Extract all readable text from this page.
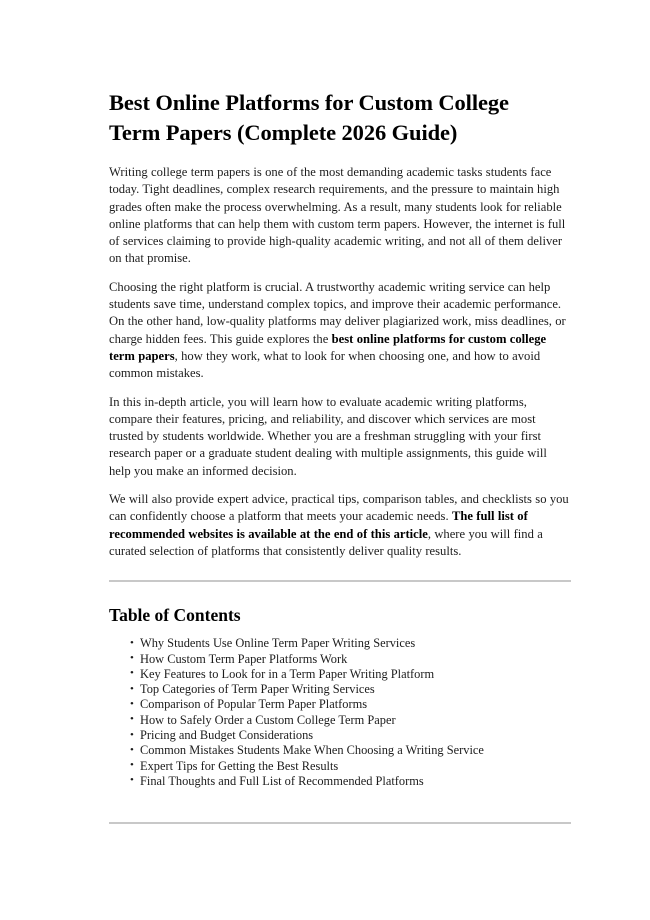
Best Online Platforms for Custom College Term Papers (Complete 2026 Guide)

Writing college term papers is one of the most demanding academic tasks students face today. Tight deadlines, complex research requirements, and the pressure to maintain high grades often make the process overwhelming. As a result, many students look for reliable online platforms that can help them with custom term papers. However, the internet is full of services claiming to provide high-quality academic writing, and not all of them deliver on that promise.

Choosing the right platform is crucial. A trustworthy academic writing service can help students save time, understand complex topics, and improve their academic performance. On the other hand, low-quality platforms may deliver plagiarized work, miss deadlines, or charge hidden fees. This guide explores the best online platforms for custom college term papers, how they work, what to look for when choosing one, and how to avoid common mistakes.

In this in-depth article, you will learn how to evaluate academic writing platforms, compare their features, pricing, and reliability, and discover which services are most trusted by students worldwide. Whether you are a freshman struggling with your first research paper or a graduate student dealing with multiple assignments, this guide will help you make an informed decision.

We will also provide expert advice, practical tips, comparison tables, and checklists so you can confidently choose a platform that meets your academic needs. The full list of recommended websites is available at the end of this article, where you will find a curated selection of platforms that consistently deliver quality results.

Table of Contents
• Why Students Use Online Term Paper Writing Services
• How Custom Term Paper Platforms Work
• Key Features to Look for in a Term Paper Writing Platform
• Top Categories of Term Paper Writing Services
• Comparison of Popular Term Paper Platforms
• How to Safely Order a Custom College Term Paper
• Pricing and Budget Considerations
• Common Mistakes Students Make When Choosing a Writing Service
• Expert Tips for Getting the Best Results
• Final Thoughts and Full List of Recommended Platforms
